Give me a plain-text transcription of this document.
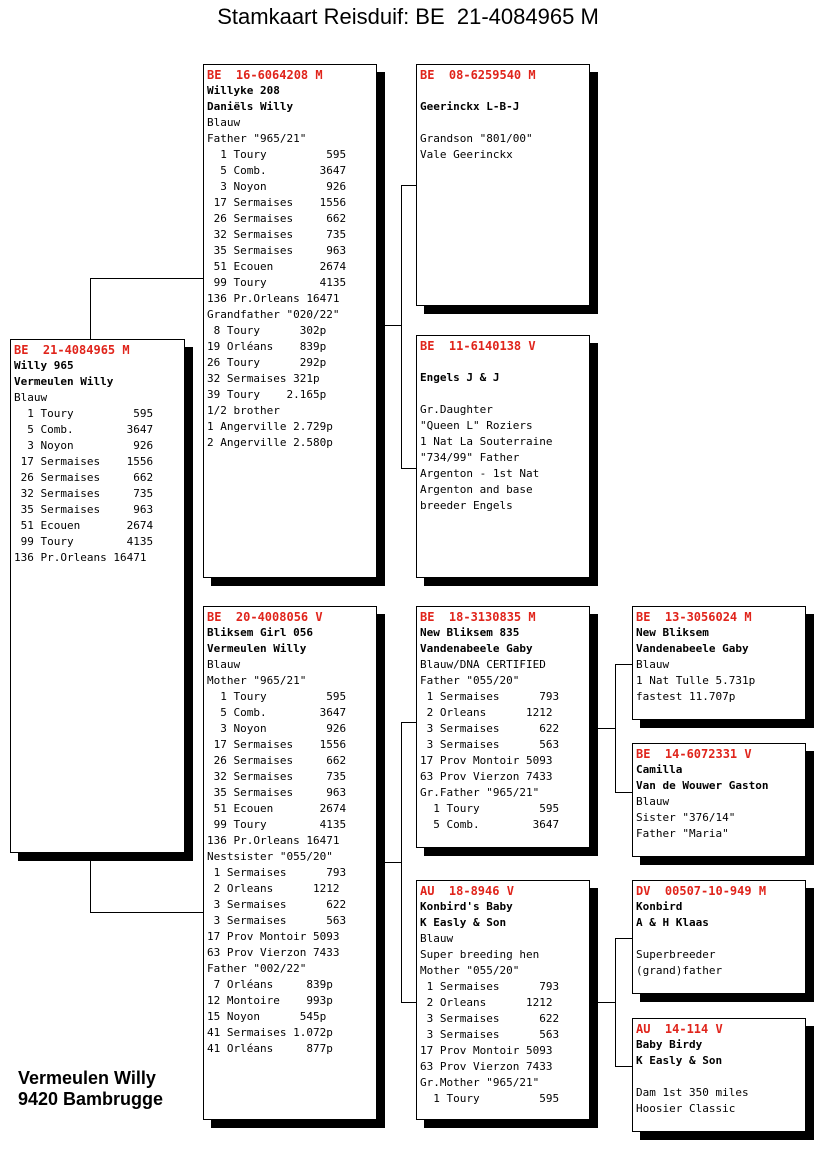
Stamkaart Reisduif: BE  21-4084965 M
BE  21-4084965 M
Willy 965
Vermeulen Willy
Blauw
1 Toury         595
5 Comb.        3647
3 Noyon         926
17 Sermaises    1556
26 Sermaises     662
32 Sermaises     735
35 Sermaises     963
51 Ecouen       2674
99 Toury        4135
136 Pr.Orleans 16471
BE  16-6064208 M
Willyke 208
Daniëls Willy
Blauw
Father "965/21"
1 Toury         595
5 Comb.        3647
3 Noyon         926
17 Sermaises    1556
26 Sermaises     662
32 Sermaises     735
35 Sermaises     963
51 Ecouen       2674
99 Toury        4135
136 Pr.Orleans 16471
Grandfather "020/22"
8 Toury      302p
19 Orléans    839p
26 Toury      292p
32 Sermaises 321p
39 Toury    2.165p
1/2 brother
1 Angerville 2.729p
2 Angerville 2.580p
BE  08-6259540 M
Geerinckx L-B-J
Grandson "801/00"
Vale Geerinckx
BE  11-6140138 V
Engels J & J
Gr.Daughter
"Queen L" Roziers
1 Nat La Souterraine
"734/99" Father
Argenton - 1st Nat
Argenton and base
breeder Engels
BE  20-4008056 V
Bliksem Girl 056
Vermeulen Willy
Blauw
Mother "965/21"
1 Toury         595
5 Comb.        3647
3 Noyon         926
17 Sermaises    1556
26 Sermaises     662
32 Sermaises     735
35 Sermaises     963
51 Ecouen       2674
99 Toury        4135
136 Pr.Orleans 16471
Nestsister "055/20"
1 Sermaises      793
2 Orleans      1212
3 Sermaises      622
3 Sermaises      563
17 Prov Montoir 5093
63 Prov Vierzon 7433
Father "002/22"
7 Orléans     839p
12 Montoire    993p
15 Noyon      545p
41 Sermaises 1.072p
41 Orléans     877p
BE  18-3130835 M
New Bliksem 835
Vandenabeele Gaby
Blauw/DNA CERTIFIED
Father "055/20"
1 Sermaises      793
2 Orleans      1212
3 Sermaises      622
3 Sermaises      563
17 Prov Montoir 5093
63 Prov Vierzon 7433
Gr.Father "965/21"
1 Toury         595
5 Comb.        3647
AU  18-8946 V
Konbird's Baby
K Easly & Son
Blauw
Super breeding hen
Mother "055/20"
1 Sermaises      793
2 Orleans      1212
3 Sermaises      622
3 Sermaises      563
17 Prov Montoir 5093
63 Prov Vierzon 7433
Gr.Mother "965/21"
1 Toury         595
BE  13-3056024 M
New Bliksem
Vandenabeele Gaby
Blauw
1 Nat Tulle 5.731p
fastest 11.707p
BE  14-6072331 V
Camilla
Van de Wouwer Gaston
Blauw
Sister "376/14"
Father "Maria"
DV  00507-10-949 M
Konbird
A & H Klaas
Superbreeder
(grand)father
AU  14-114 V
Baby Birdy
K Easly & Son
Dam 1st 350 miles
Hoosier Classic
Vermeulen Willy
9420 Bambrugge
